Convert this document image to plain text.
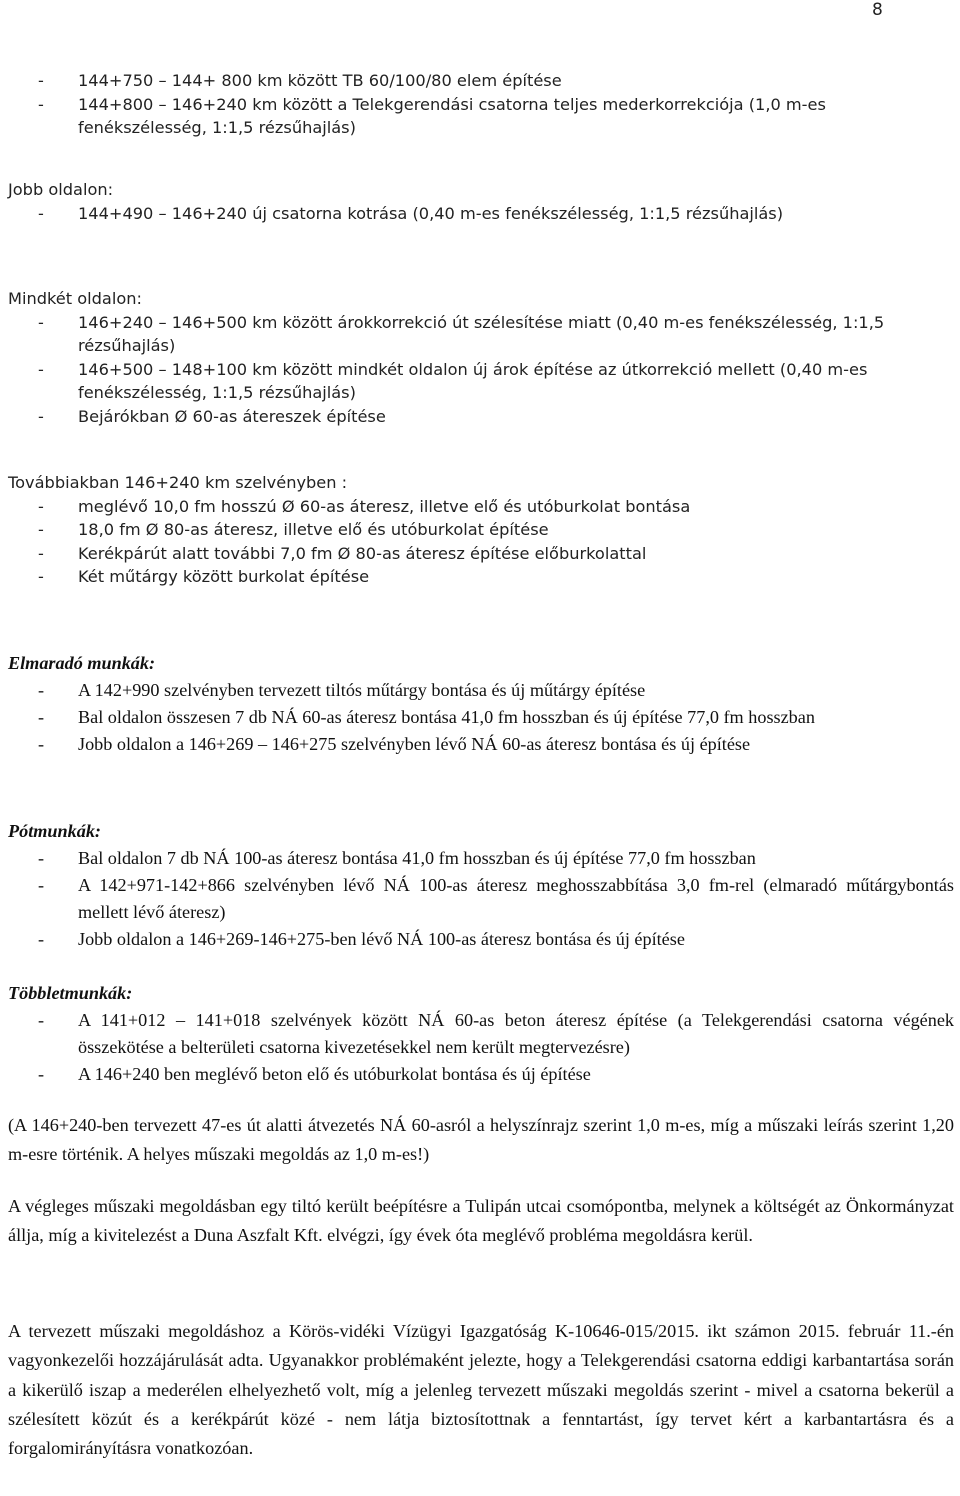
8
- 144+750 – 144+ 800 km között TB 60/100/80 elem építése
- 144+800 – 146+240 km között a Telekgerendási csatorna teljes mederkorrekciója (1,0 m-es fenékszélesség, 1:1,5 rézsűhajlás)
Jobb oldalon:
- 144+490 – 146+240 új csatorna kotrása (0,40 m-es fenékszélesség, 1:1,5 rézsűhajlás)
Mindkét oldalon:
- 146+240 – 146+500 km között árokkorrekció út szélesítése miatt (0,40 m-es fenékszélesség, 1:1,5 rézsűhajlás)
- 146+500 – 148+100 km között mindkét oldalon új árok építése az útkorrekció mellett (0,40 m-es fenékszélesség, 1:1,5 rézsűhajlás)
- Bejárókban Ø 60-as átereszek építése
Továbbiakban 146+240 km szelvényben :
- meglévő 10,0 fm hosszú Ø 60-as áteresz, illetve elő és utóburkolat bontása
- 18,0 fm Ø 80-as áteresz, illetve elő és utóburkolat építése
- Kerékpárút alatt további 7,0 fm Ø 80-as áteresz építése előburkolattal
- Két műtárgy között burkolat építése
Elmaradó munkák:
- A 142+990 szelvényben tervezett tiltós műtárgy bontása és új műtárgy építése
- Bal oldalon összesen 7 db NÁ 60-as áteresz bontása 41,0 fm hosszban és új építése 77,0 fm hosszban
- Jobb oldalon a 146+269 – 146+275 szelvényben lévő NÁ 60-as áteresz bontása és új építése
Pótmunkák:
- Bal oldalon 7 db NÁ 100-as áteresz bontása 41,0 fm hosszban és új építése 77,0 fm hosszban
- A 142+971-142+866 szelvényben lévő NÁ 100-as áteresz meghosszabbítása 3,0 fm-rel (elmaradó műtárgybontás mellett lévő áteresz)
- Jobb oldalon a 146+269-146+275-ben lévő NÁ 100-as áteresz bontása és új építése
Többletmunkák:
- A 141+012 – 141+018 szelvények között NÁ 60-as beton áteresz építése (a Telekgerendási csatorna végének összekötése a belterületi csatorna kivezetésekkel nem került megtervezésre)
- A 146+240 ben meglévő beton elő és utóburkolat bontása és új építése
(A 146+240-ben tervezett 47-es út alatti átvezetés NÁ 60-asról a helyszínrajz szerint 1,0 m-es, míg a műszaki leírás szerint 1,20 m-esre történik. A helyes műszaki megoldás az 1,0 m-es!)
A végleges műszaki megoldásban egy tiltó került beépítésre a Tulipán utcai csomópontba, melynek a költségét az Önkormányzat állja, míg a kivitelezést a Duna Aszfalt Kft. elvégzi, így évek óta meglévő probléma megoldásra kerül.
A tervezett műszaki megoldáshoz a Körös-vidéki Vízügyi Igazgatóság K-10646-015/2015. ikt számon 2015. február 11.-én vagyonkezelői hozzájárulását adta. Ugyanakkor problémaként jelezte, hogy a Telekgerendási csatorna eddigi karbantartása során a kikerülő iszap a mederélen elhelyezhető volt, míg a jelenleg tervezett műszaki megoldás szerint - mivel a csatorna bekerül a szélesített közút és a kerékpárút közé - nem látja biztosítottnak a fenntartást, így tervet kért a karbantartásra és a forgalomirányításra vonatkozóan.
